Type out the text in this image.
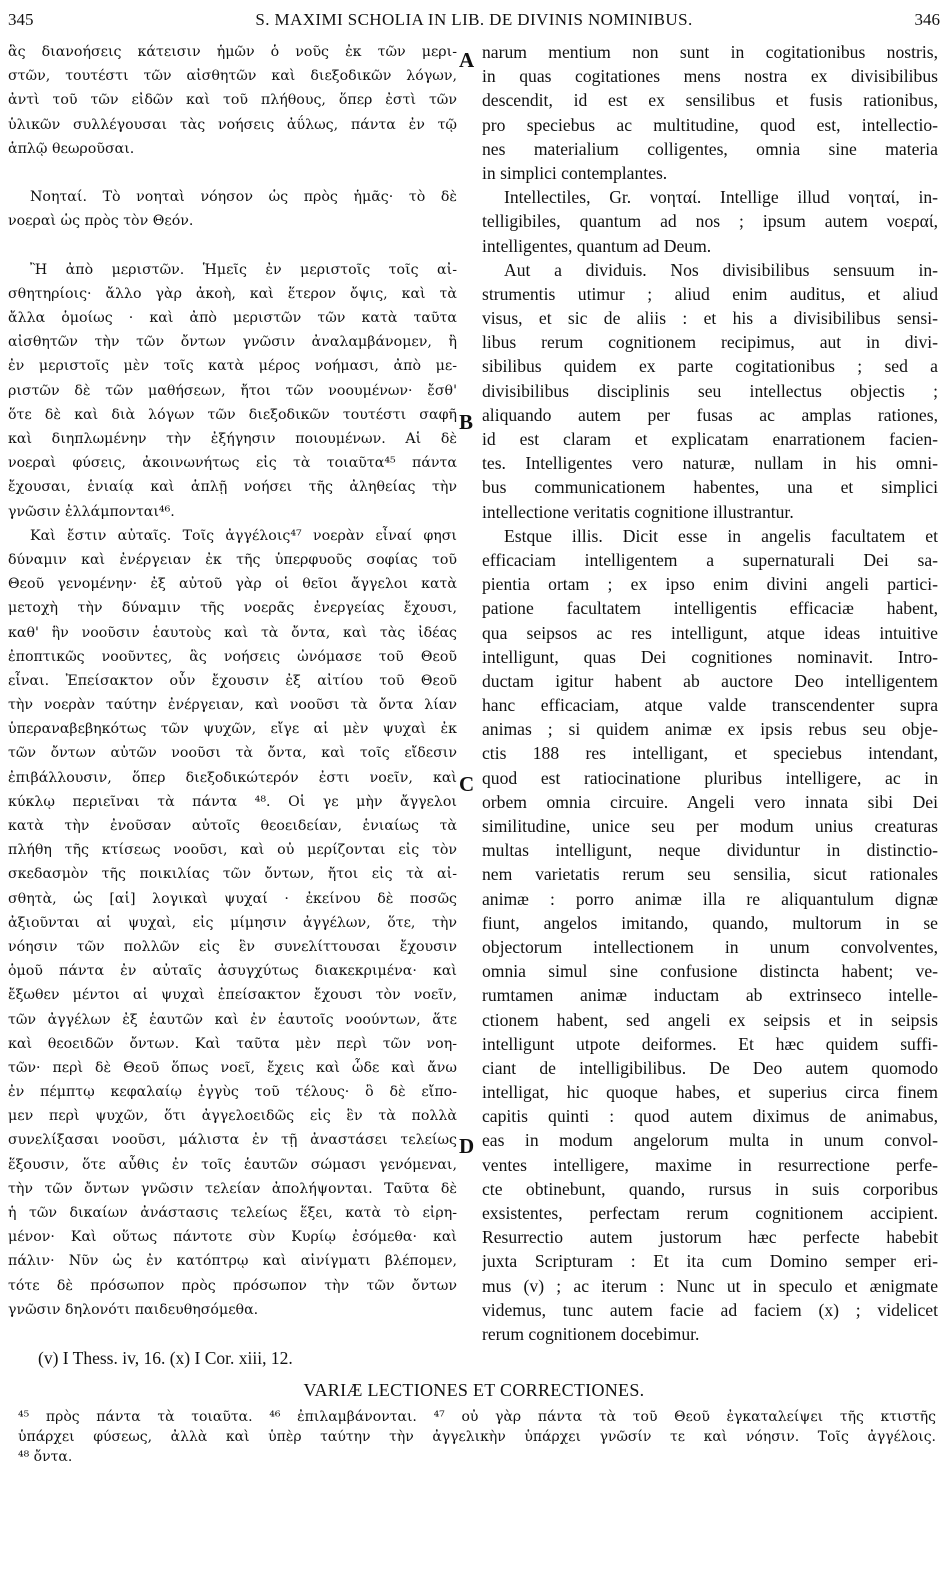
345	S. MAXIMI SCHOLIA IN LIB. DE DIVINIS NOMINIBUS.	346
ἃς διανοήσεις κάτεισιν ἡμῶν ὁ νοῦς ἐκ τῶν μερι-
στῶν, τουτέστι τῶν αἰσθητῶν καὶ διεξοδικῶν λόγων,
ἀντὶ τοῦ τῶν εἰδῶν καὶ τοῦ πλήθους, ὅπερ ἐστὶ τῶν
ὑλικῶν συλλέγουσαι τὰς νοήσεις ἀΰλως, πάντα ἐν τῷ
ἁπλῷ θεωροῦσαι.
Νοηταί. Τὸ νοηταὶ νόησον ὡς πρὸς ἡμᾶς· τὸ δὲ
νοεραὶ ὡς πρὸς τὸν Θεόν.
Ἢ ἀπὸ μεριστῶν. Ἡμεῖς ἐν μεριστοῖς τοῖς αἰ-
σθητηρίοις· ἄλλο γὰρ ἀκοὴ, καὶ ἕτερον ὄψις, καὶ τὰ
ἄλλα ὁμοίως · καὶ ἀπὸ μεριστῶν τῶν κατὰ ταῦτα
αἰσθητῶν τὴν τῶν ὄντων γνῶσιν ἀναλαμβάνομεν, ἢ
ἐν μεριστοῖς μὲν τοῖς κατὰ μέρος νοήμασι, ἀπὸ με-
ριστῶν δὲ τῶν μαθήσεων, ἤτοι τῶν νοουμένων· ἔσθ'
ὅτε δὲ καὶ διὰ λόγων τῶν διεξοδικῶν τουτέστι σαφῆ
καὶ διηπλωμένην τὴν ἐξήγησιν ποιουμένων. Αἱ δὲ
νοεραὶ φύσεις, ἀκοινωνήτως εἰς τὰ τοιαῦτα⁴⁵ πάντα
ἔχουσαι, ἑνιαίᾳ καὶ ἁπλῇ νοήσει τῆς ἀληθείας τὴν
γνῶσιν ἐλλάμπονται⁴⁶.
Καὶ ἔστιν αὐταῖς. Τοῖς ἀγγέλοις⁴⁷ νοερὰν εἶναί φησι
δύναμιν καὶ ἐνέργειαν ἐκ τῆς ὑπερφυοῦς σοφίας τοῦ
Θεοῦ γενομένην· ἐξ αὐτοῦ γὰρ οἱ θεῖοι ἄγγελοι κατὰ
μετοχὴ τὴν δύναμιν τῆς νοερᾶς ἐνεργείας ἔχουσι,
καθ' ἣν νοοῦσιν ἑαυτοὺς καὶ τὰ ὄντα, καὶ τὰς ἰδέας
ἐποπτικῶς νοοῦντες, ἃς νοήσεις ὠνόμασε τοῦ Θεοῦ
εἶναι. Ἐπείσακτον οὖν ἔχουσιν ἐξ αἰτίου τοῦ Θεοῦ
τὴν νοερὰν ταύτην ἐνέργειαν, καὶ νοοῦσι τὰ ὄντα λίαν
ὑπεραναβεβηκότως τῶν ψυχῶν, εἴγε αἱ μὲν ψυχαὶ ἐκ
τῶν ὄντων αὐτῶν νοοῦσι τὰ ὄντα, καὶ τοῖς εἴδεσιν
ἐπιβάλλουσιν, ὅπερ διεξοδικώτερόν ἐστι νοεῖν, καὶ
κύκλῳ περιεῖναι τὰ πάντα ⁴⁸. Οἱ γε μὴν ἄγγελοι
κατὰ τὴν ἐνοῦσαν αὐτοῖς θεοειδείαν, ἑνιαίως τὰ
πλήθη τῆς κτίσεως νοοῦσι, καὶ οὐ μερίζονται εἰς τὸν
σκεδασμὸν τῆς ποικιλίας τῶν ὄντων, ἤτοι εἰς τὰ αἰ-
σθητὰ, ὡς [αἱ] λογικαὶ ψυχαί · ἐκείνου δὲ ποσῶς
ἀξιοῦνται αἱ ψυχαὶ, εἰς μίμησιν ἀγγέλων, ὅτε, τὴν
νόησιν τῶν πολλῶν εἰς ἓν συνελίττουσαι ἔχουσιν
ὁμοῦ πάντα ἐν αὐταῖς ἀσυγχύτως διακεκριμένα· καὶ
ἔξωθεν μέντοι αἱ ψυχαὶ ἐπείσακτον ἔχουσι τὸν νοεῖν,
τῶν ἀγγέλων ἐξ ἑαυτῶν καὶ ἐν ἑαυτοῖς νοούντων, ἅτε
καὶ θεοειδῶν ὄντων. Καὶ ταῦτα μὲν περὶ τῶν νοη-
τῶν· περὶ δὲ Θεοῦ ὅπως νοεῖ, ἔχεις καὶ ὧδε καὶ ἄνω
ἐν πέμπτῳ κεφαλαίῳ ἐγγὺς τοῦ τέλους· ὃ δὲ εἴπο-
μεν περὶ ψυχῶν, ὅτι ἀγγελοειδῶς εἰς ἓν τὰ πολλὰ
συνελίξασαι νοοῦσι, μάλιστα ἐν τῇ ἀναστάσει τελείως
ἕξουσιν, ὅτε αὖθις ἐν τοῖς ἑαυτῶν σώμασι γενόμεναι,
τὴν τῶν ὄντων γνῶσιν τελείαν ἀπολήψονται. Ταῦτα δὲ
ἡ τῶν δικαίων ἀνάστασις τελείως ἕξει, κατὰ τὸ εἰρη-
μένον· Καὶ οὕτως πάντοτε σὺν Κυρίῳ ἐσόμεθα· καὶ
πάλιν· Νῦν ὡς ἐν κατόπτρῳ καὶ αἰνίγματι βλέπομεν,
τότε δὲ πρόσωπον πρὸς πρόσωπον τὴν τῶν ὄντων
γνῶσιν δηλονότι παιδευθησόμεθα.
narum mentium non sunt in cogitationibus nostris,
in quas cogitationes mens nostra ex divisibilibus
descendit, id est ex sensilibus et fusis rationibus,
pro speciebus ac multitudine, quod est, intellectio-
nes materialium colligentes, omnia sine materia
in simplici contemplantes.
Intellectiles, Gr. νοηταί. Intellige illud νοηταί, in-
telligibiles, quantum ad nos ; ipsum autem νοεραί,
intelligentes, quantum ad Deum.
Aut a dividuis. Nos divisibilibus sensuum in-
strumentis utimur ; aliud enim auditus, et aliud
visus, et sic de aliis : et his a divisibilibus sensi-
libus rerum cognitionem recipimus, aut in divi-
sibilibus quidem ex parte cogitationibus ; sed a
divisibilibus disciplinis seu intellectus objectis ;
aliquando autem per fusas ac amplas rationes,
id est claram et explicatam enarrationem facien-
tes. Intelligentes vero naturæ, nullam in his omni-
bus communicationem habentes, una et simplici
intellectione veritatis cognitione illustrantur.
Estque illis. Dicit esse in angelis facultatem et
efficaciam intelligentem a supernaturali Dei sa-
pientia ortam ; ex ipso enim divini angeli partici-
patione facultatem intelligentis efficaciæ habent,
qua seipsos ac res intelligunt, atque ideas intuitive
intelligunt, quas Dei cognitiones nominavit. Intro-
ductam igitur habent ab auctore Deo intelligentem
hanc efficaciam, atque valde transcendenter supra
animas ; si quidem animæ ex ipsis rebus seu obje-
ctis 188 res intelligant, et speciebus intendant,
quod est ratiocinatione pluribus intelligere, ac in
orbem omnia circuire. Angeli vero innata sibi Dei
similitudine, unice seu per modum unius creaturas
multas intelligunt, neque dividuntur in distinctio-
nem varietatis rerum seu sensilia, sicut rationales
animæ : porro animæ illa re aliquantulum dignæ
fiunt, angelos imitando, quando, multorum in se
objectorum intellectionem in unum convolventes,
omnia simul sine confusione distincta habent; ve-
rumtamen animæ inductam ab extrinseco intelle-
ctionem habent, sed angeli ex seipsis et in seipsis
intelligunt utpote deiformes. Et hæc quidem suffi-
ciant de intelligibilibus. De Deo autem quomodo
intelligat, hic quoque habes, et superius circa finem
capitis quinti : quod autem diximus de animabus,
eas in modum angelorum multa in unum convol-
ventes intelligere, maxime in resurrectione perfe-
cte obtinebunt, quando, rursus in suis corporibus
exsistentes, perfectam rerum cognitionem accipient.
Resurrectio autem justorum hæc perfecte habebit
juxta Scripturam : Et ita cum Domino semper eri-
mus (v) ; ac iterum : Nunc ut in speculo et ænigmate
videmus, tunc autem facie ad faciem (x) ; videlicet
rerum cognitionem docebimur.
A
B
C
D
(v) I Thess. iv, 16. (x) I Cor. xiii, 12.
VARIÆ LECTIONES ET CORRECTIONES.
⁴⁵ πρὸς πάντα τὰ τοιαῦτα. ⁴⁶ ἐπιλαμβάνονται. ⁴⁷ οὐ γὰρ πάντα τὰ τοῦ Θεοῦ ἐγκαταλείψει τῆς κτιστῆς
ὑπάρχει φύσεως, ἀλλὰ καὶ ὑπὲρ ταύτην τὴν ἀγγελικὴν ὑπάρχει γνῶσίν τε καὶ νόησιν. Τοῖς ἀγγέλοις.
⁴⁸ ὄντα.
